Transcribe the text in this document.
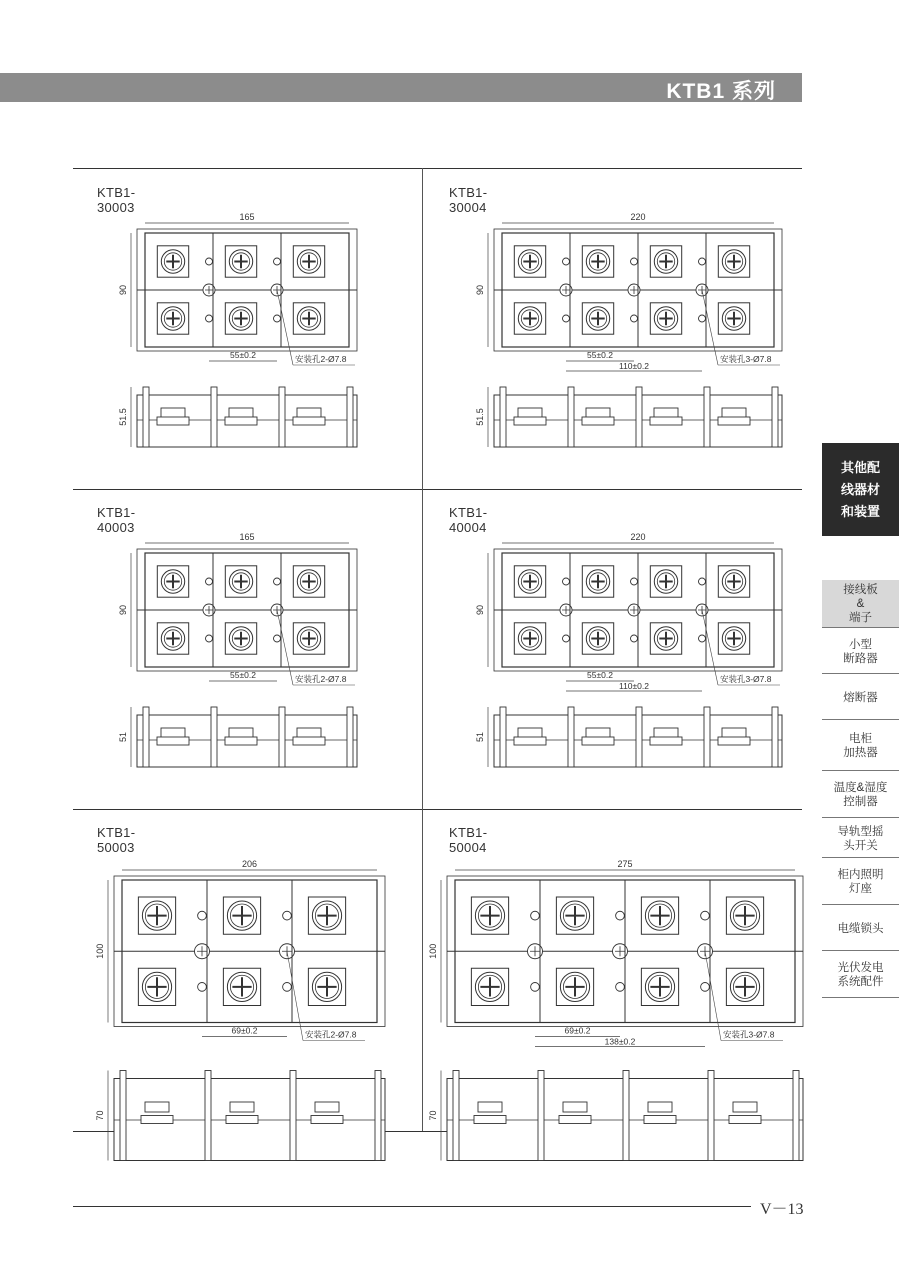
KTB1 系列
KTB1-30003
165
90
55±0.2	安装孔2-Ø7.8
51.5
KTB1-30004
220
90
55±0.2
110±0.2
安装孔3-Ø7.8
51.5
KTB1-40003
165
90
55±0.2	安装孔2-Ø7.8
51
KTB1-40004
220
90
55±0.2
110±0.2
安装孔3-Ø7.8
51
KTB1-50003
206
100
69±0.2	安装孔2-Ø7.8
70
KTB1-50004
275
100
69±0.2
138±0.2
安装孔3-Ø7.8
70
其他配
线器材
和装置
接线板
&
端子
小型
断路器
熔断器
电柜
加热器
温度&湿度
控制器
导轨型摇
头开关
柜内照明
灯座
电缆锁头
光伏发电
系统配件
V－13
